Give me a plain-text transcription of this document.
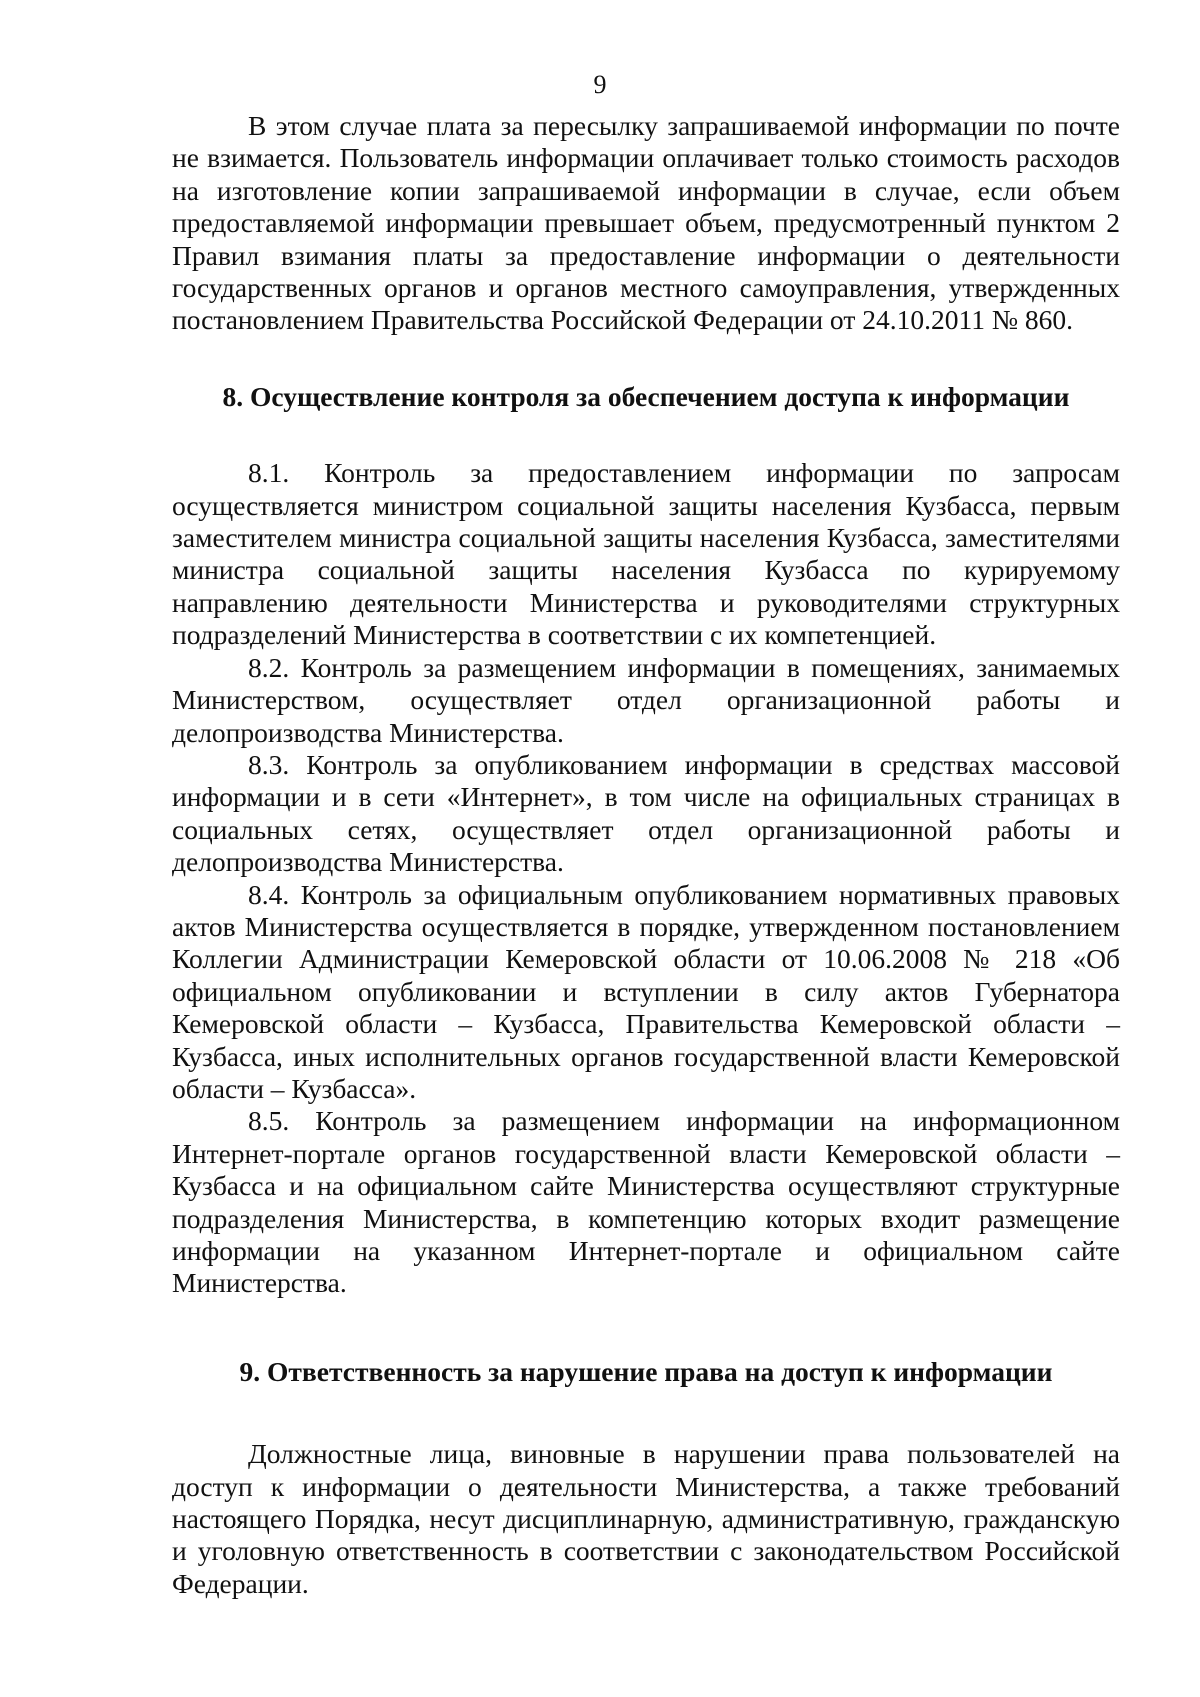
9

В этом случае плата за пересылку запрашиваемой информации по почте не взимается. Пользователь информации оплачивает только стоимость расходов на изготовление копии запрашиваемой информации в случае, если объем предоставляемой информации превышает объем, предусмотренный пунктом 2 Правил взимания платы за предоставление информации о деятельности государственных органов и органов местного самоуправления, утвержденных постановлением Правительства Российской Федерации от 24.10.2011 № 860.

8. Осуществление контроля за обеспечением доступа к информации

8.1. Контроль за предоставлением информации по запросам осуществляется министром социальной защиты населения Кузбасса, первым заместителем министра социальной защиты населения Кузбасса, заместителями министра социальной защиты населения Кузбасса по курируемому направлению деятельности Министерства и руководителями структурных подразделений Министерства в соответствии с их компетенцией.

8.2. Контроль за размещением информации в помещениях, занимаемых Министерством, осуществляет отдел организационной работы и делопроизводства Министерства.

8.3. Контроль за опубликованием информации в средствах массовой информации и в сети «Интернет», в том числе на официальных страницах в социальных сетях, осуществляет отдел организационной работы и делопроизводства Министерства.

8.4. Контроль за официальным опубликованием нормативных правовых актов Министерства осуществляется в порядке, утвержденном постановлением Коллегии Администрации Кемеровской области от 10.06.2008 № 218 «Об официальном опубликовании и вступлении в силу актов Губернатора Кемеровской области – Кузбасса, Правительства Кемеровской области – Кузбасса, иных исполнительных органов государственной власти Кемеровской области – Кузбасса».

8.5. Контроль за размещением информации на информационном Интернет-портале органов государственной власти Кемеровской области – Кузбасса и на официальном сайте Министерства осуществляют структурные подразделения Министерства, в компетенцию которых входит размещение информации на указанном Интернет-портале и официальном сайте Министерства.

9. Ответственность за нарушение права на доступ к информации

Должностные лица, виновные в нарушении права пользователей на доступ к информации о деятельности Министерства, а также требований настоящего Порядка, несут дисциплинарную, административную, гражданскую и уголовную ответственность в соответствии с законодательством Российской Федерации.
